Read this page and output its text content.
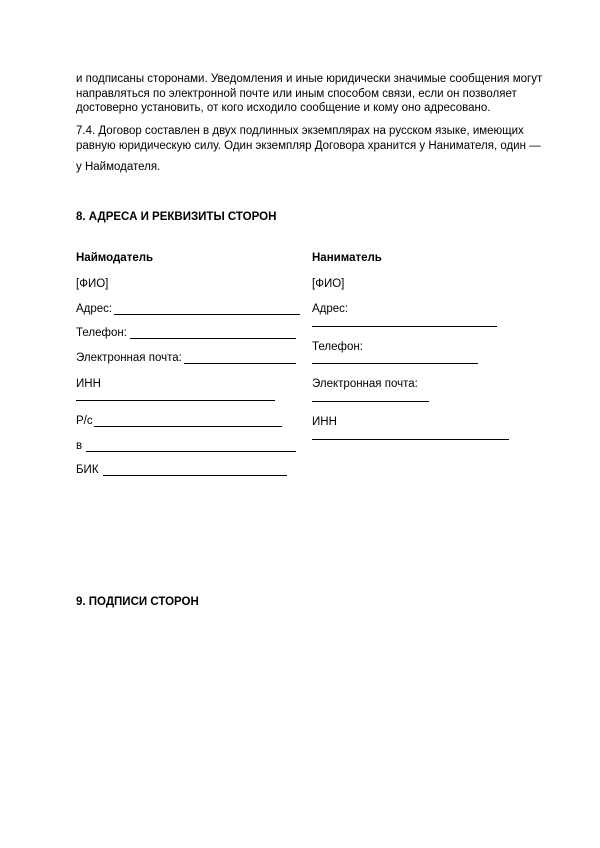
и подписаны сторонами. Уведомления и иные юридически значимые сообщения могут направляться по электронной почте или иным способом связи, если он позволяет достоверно установить, от кого исходило сообщение и кому оно адресовано.

7.4. Договор составлен в двух подлинных экземплярах на русском языке, имеющих равную юридическую силу. Один экземпляр Договора хранится у Нанимателя, один —

у Наймодателя.

8. АДРЕСА И РЕКВИЗИТЫ СТОРОН
Наймодатель
[ФИО]
Адрес:
Телефон:
Электронная почта:
ИНН
Р/с
в
БИК
Наниматель
[ФИО]
Адрес:
Телефон:
Электронная почта:
ИНН
9. ПОДПИСИ СТОРОН
